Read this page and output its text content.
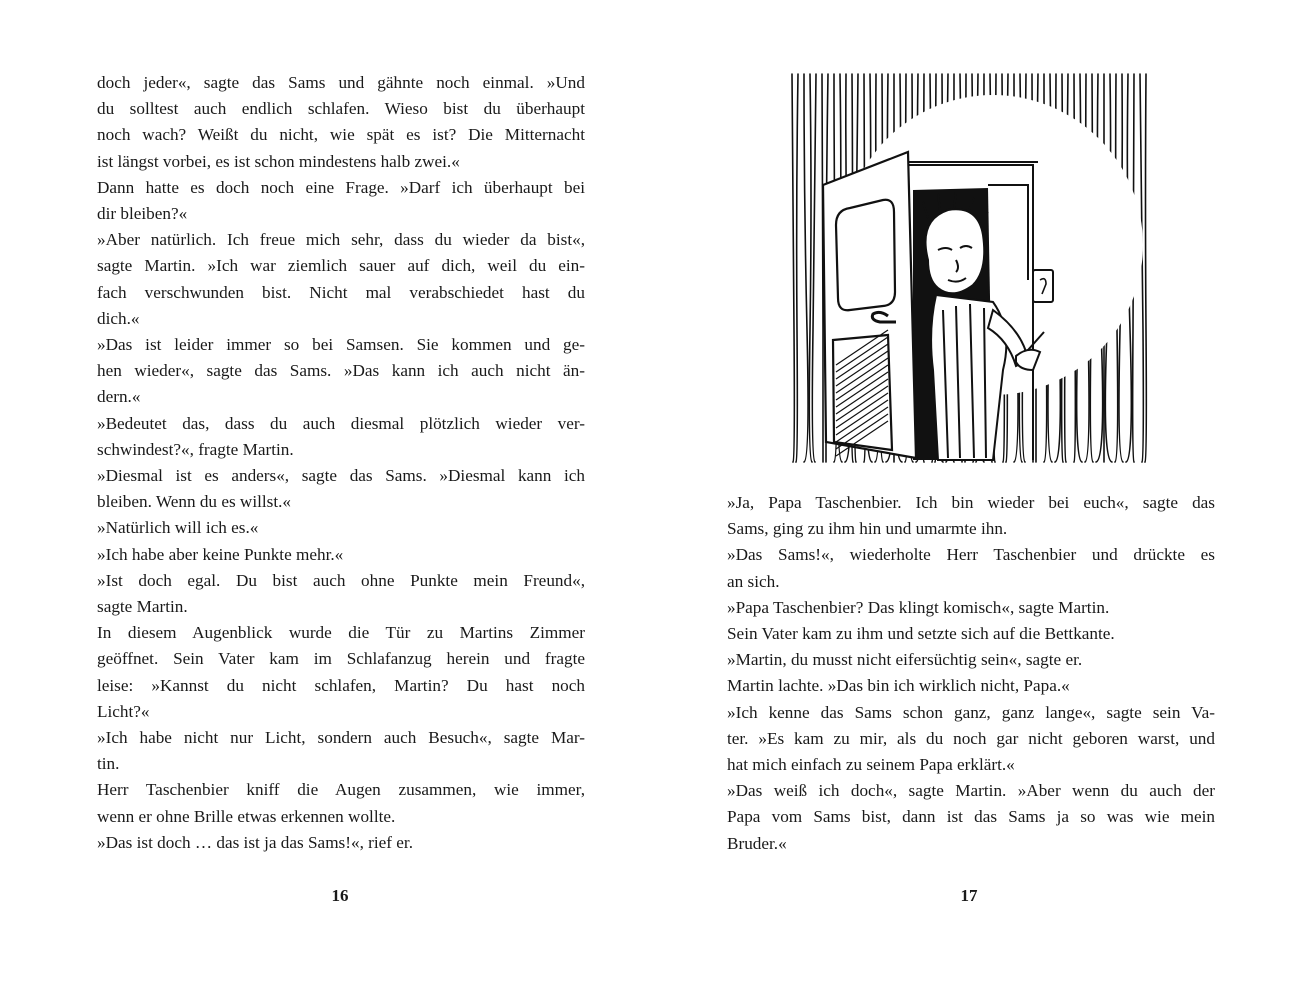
doch jeder«, sagte das Sams und gähnte noch einmal. »Und
du solltest auch endlich schlafen. Wieso bist du überhaupt
noch wach? Weißt du nicht, wie spät es ist? Die Mitternacht
ist längst vorbei, es ist schon mindestens halb zwei.«
Dann hatte es doch noch eine Frage. »Darf ich überhaupt bei
dir bleiben?«
»Aber natürlich. Ich freue mich sehr, dass du wieder da bist«,
sagte Martin. »Ich war ziemlich sauer auf dich, weil du ein-
fach verschwunden bist. Nicht mal verabschiedet hast du
dich.«
»Das ist leider immer so bei Samsen. Sie kommen und ge-
hen wieder«, sagte das Sams. »Das kann ich auch nicht än-
dern.«
»Bedeutet das, dass du auch diesmal plötzlich wieder ver-
schwindest?«, fragte Martin.
»Diesmal ist es anders«, sagte das Sams. »Diesmal kann ich
bleiben. Wenn du es willst.«
»Natürlich will ich es.«
»Ich habe aber keine Punkte mehr.«
»Ist doch egal. Du bist auch ohne Punkte mein Freund«,
sagte Martin.
In diesem Augenblick wurde die Tür zu Martins Zimmer
geöffnet. Sein Vater kam im Schlafanzug herein und fragte
leise: »Kannst du nicht schlafen, Martin? Du hast noch
Licht?«
»Ich habe nicht nur Licht, sondern auch Besuch«, sagte Mar-
tin.
Herr Taschenbier kniff die Augen zusammen, wie immer,
wenn er ohne Brille etwas erkennen wollte.
»Das ist doch … das ist ja das Sams!«, rief er.
16
»Ja, Papa Taschenbier. Ich bin wieder bei euch«, sagte das
Sams, ging zu ihm hin und umarmte ihn.
»Das Sams!«, wiederholte Herr Taschenbier und drückte es
an sich.
»Papa Taschenbier? Das klingt komisch«, sagte Martin.
Sein Vater kam zu ihm und setzte sich auf die Bettkante.
»Martin, du musst nicht eifersüchtig sein«, sagte er.
Martin lachte. »Das bin ich wirklich nicht, Papa.«
»Ich kenne das Sams schon ganz, ganz lange«, sagte sein Va-
ter. »Es kam zu mir, als du noch gar nicht geboren warst, und
hat mich einfach zu seinem Papa erklärt.«
»Das weiß ich doch«, sagte Martin. »Aber wenn du auch der
Papa vom Sams bist, dann ist das Sams ja so was wie mein
Bruder.«
17
